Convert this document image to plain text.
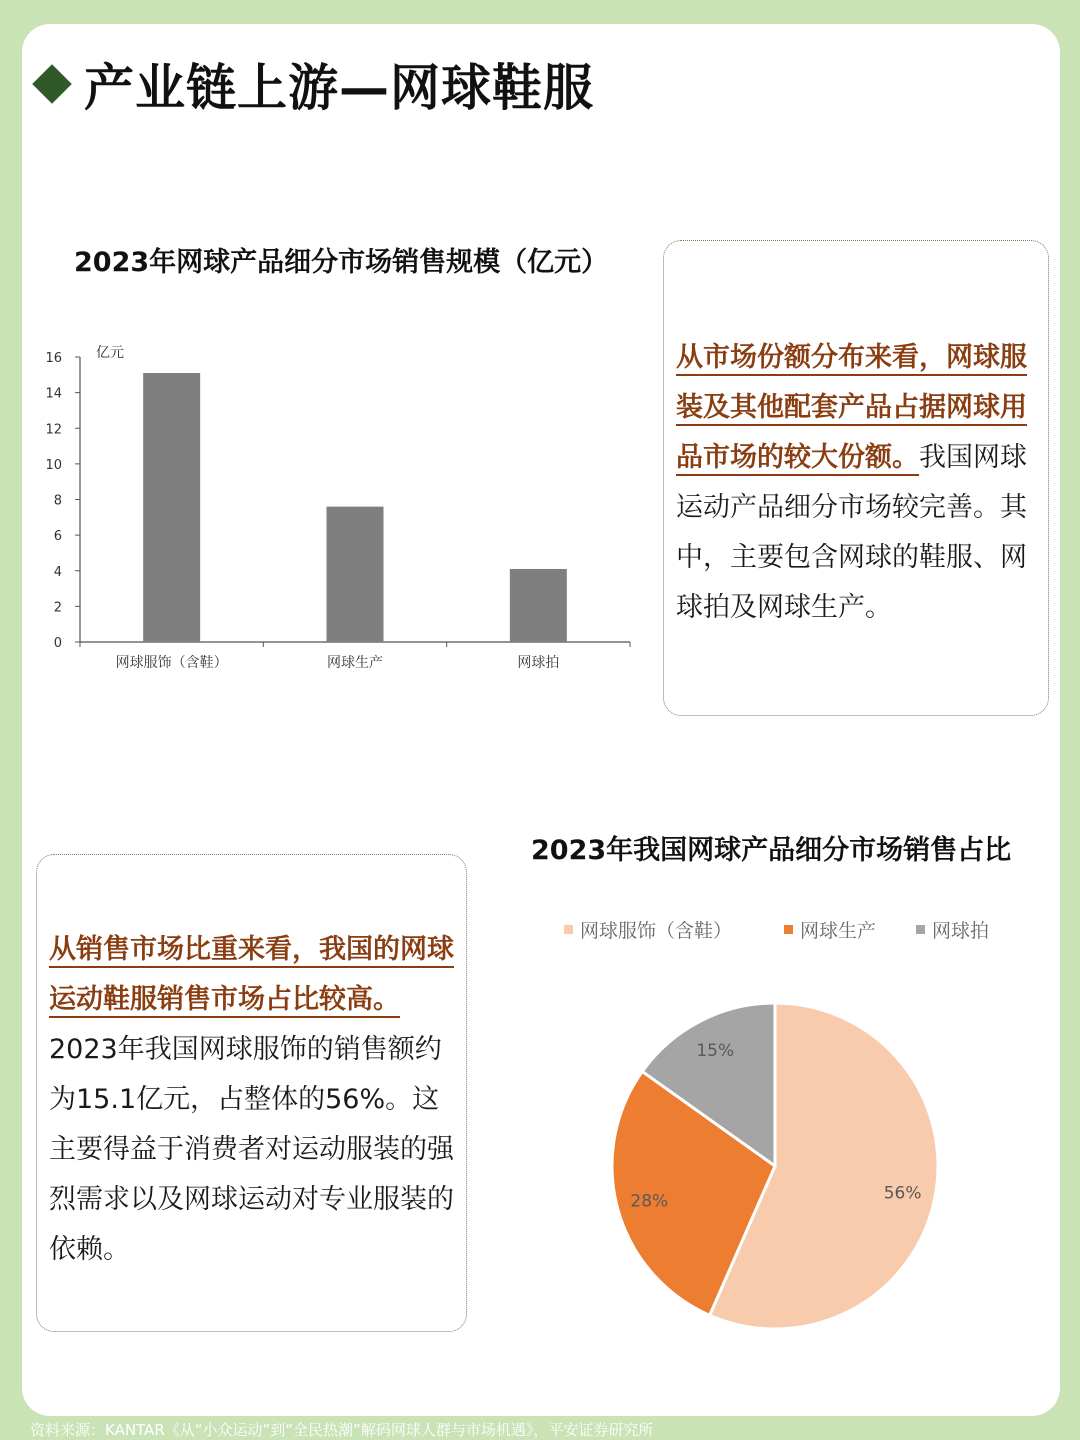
产业链上游—网球鞋服
2023年网球产品细分市场销售规模（亿元）
0
2
4
6
8
10
12
14
16 亿元
网球服饰（含鞋）	网球生产	网球拍
从市场份额分布来看，网球服装及其他配套产品占据网球用品市场的较大份额。我国网球运动产品细分市场较完善。其中，主要包含网球的鞋服、网球拍及网球生产。
2023年我国网球产品细分市场销售占比
网球服饰（含鞋）	网球生产	网球拍
56%
28%
15%
从销售市场比重来看，我国的网球运动鞋服销售市场占比较高。
2023年我国网球服饰的销售额约为15.1亿元，占整体的56%。这主要得益于消费者对运动服装的强烈需求以及网球运动对专业服装的依赖。
资料来源：KANTAR《从“小众运动”到“全民热潮”解码网球人群与市场机遇》，平安证券研究所
